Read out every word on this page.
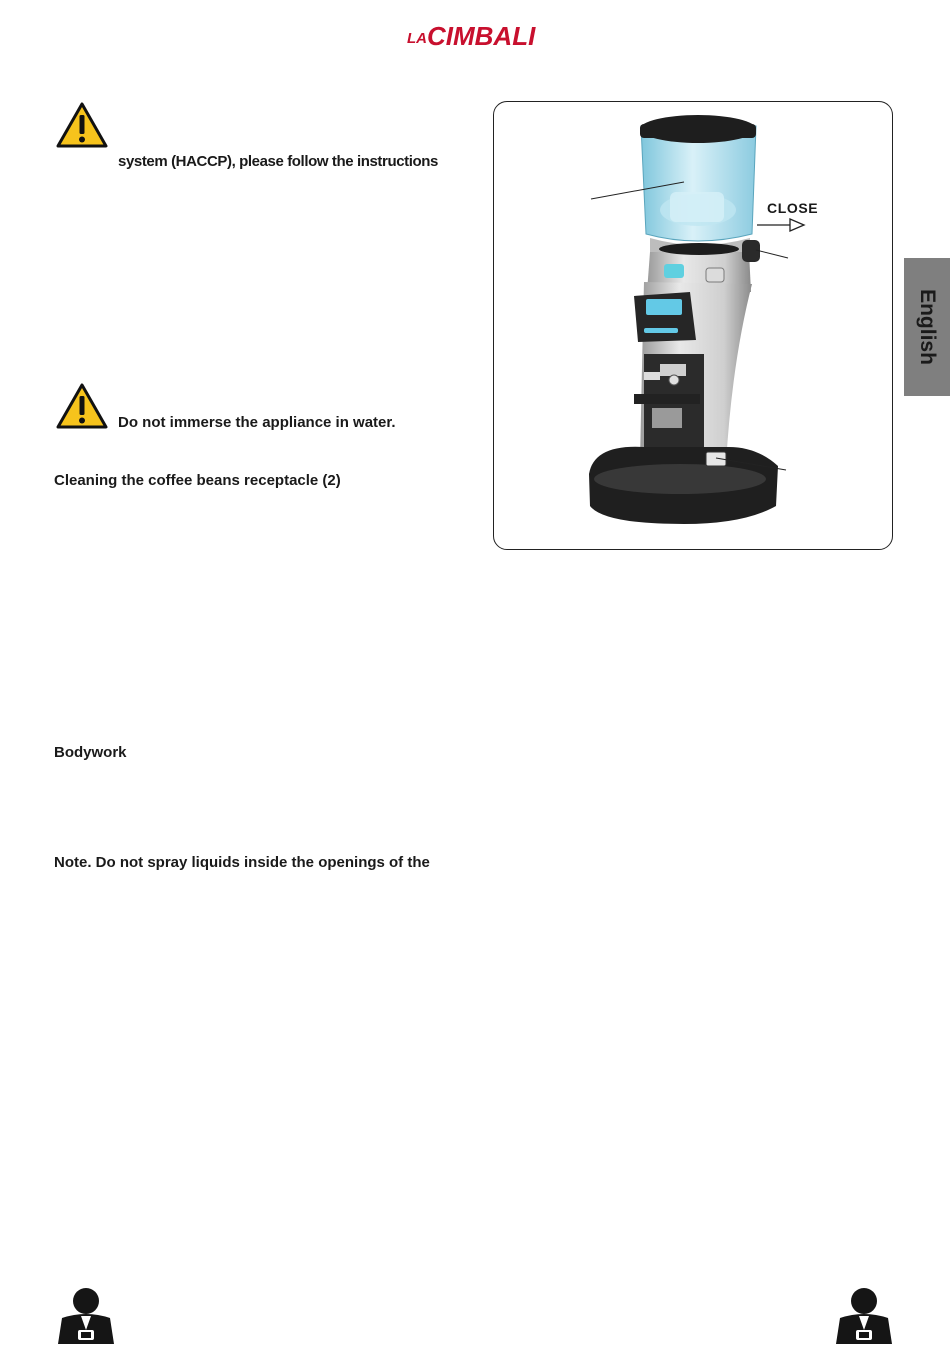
LA CIMBALI
system (HACCP), please follow the instructions
Do not immerse the appliance in water.
Cleaning the coffee beans receptacle (2)
Bodywork
Note. Do not spray liquids inside the openings of the
CLOSE
English
